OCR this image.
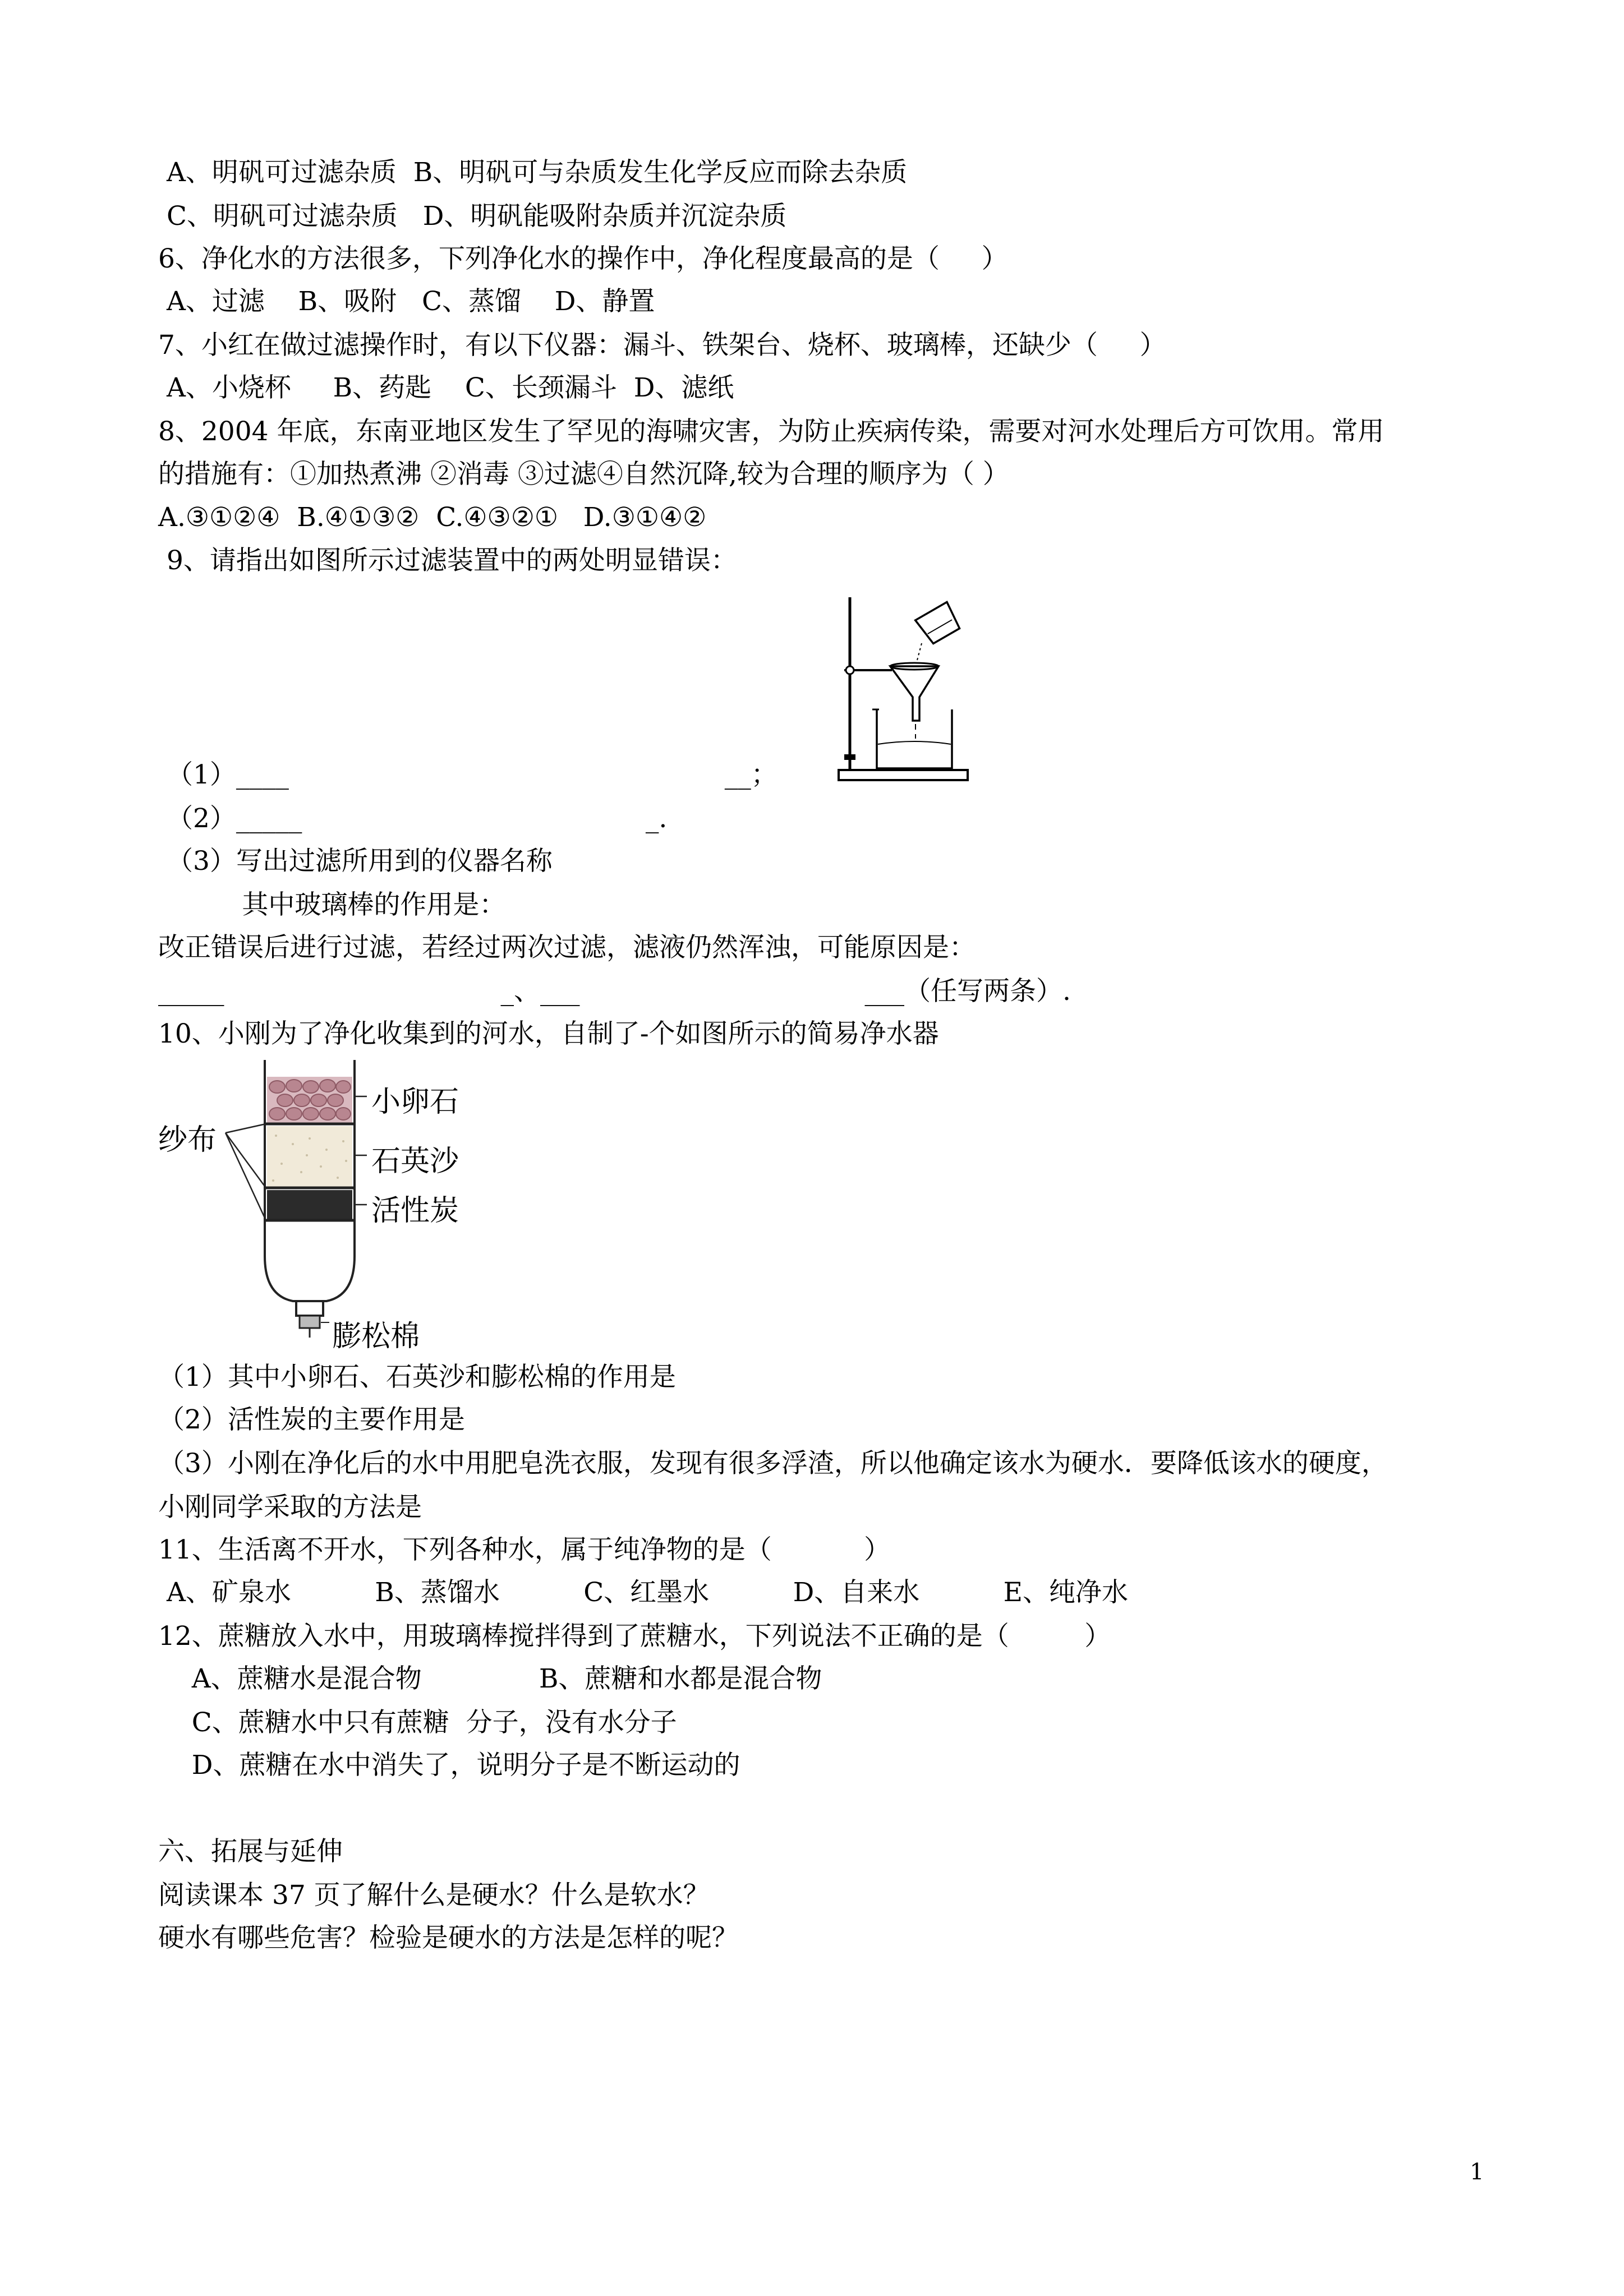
A、明矾可过滤杂质  B、明矾可与杂质发生化学反应而除去杂质
C、明矾可过滤杂质   D、明矾能吸附杂质并沉淀杂质
6、净化水的方法很多，下列净化水的操作中，净化程度最高的是（     ）
A、过滤    B、吸附   C、蒸馏    D、静置
7、小红在做过滤操作时，有以下仪器：漏斗、铁架台、烧杯、玻璃棒，还缺少（     ）
A、小烧杯     B、药匙    C、长颈漏斗  D、滤纸
8、2004 年底，东南亚地区发生了罕见的海啸灾害，为防止疾病传染，需要对河水处理后方可饮用。常用
的措施有：①加热煮沸 ②消毒 ③过滤④自然沉降,较为合理的顺序为（ ）
A.③①②④  B.④①③②  C.④③②①   D.③①④②
9、请指出如图所示过滤装置中的两处明显错误：
（1）____                                                    __；
（2）_____                                         _.
（3）写出过滤所用到的仪器名称
其中玻璃棒的作用是：
改正错误后进行过滤，若经过两次过滤，滤液仍然浑浊，可能原因是：
_____                                 _、___                                  ___（任写两条）.
10、小刚为了净化收集到的河水，自制了-个如图所示的简易净水器
（1）其中小卵石、石英沙和膨松棉的作用是
（2）活性炭的主要作用是
（3）小刚在净化后的水中用肥皂洗衣服，发现有很多浮渣，所以他确定该水为硬水．要降低该水的硬度，
小刚同学采取的方法是
11、生活离不开水，下列各种水，属于纯净物的是（           ）
A、矿泉水          B、蒸馏水          C、红墨水          D、自来水          E、纯净水
12、蔗糖放入水中，用玻璃棒搅拌得到了蔗糖水，下列说法不正确的是（         ）
A、蔗糖水是混合物              B、蔗糖和水都是混合物
C、蔗糖水中只有蔗糖  分子，没有水分子
D、蔗糖在水中消失了，说明分子是不断运动的
六、拓展与延伸
阅读课本 37 页了解什么是硬水？什么是软水？
硬水有哪些危害？检验是硬水的方法是怎样的呢？
小卵石
纱布
石英沙
活性炭
膨松棉
1
